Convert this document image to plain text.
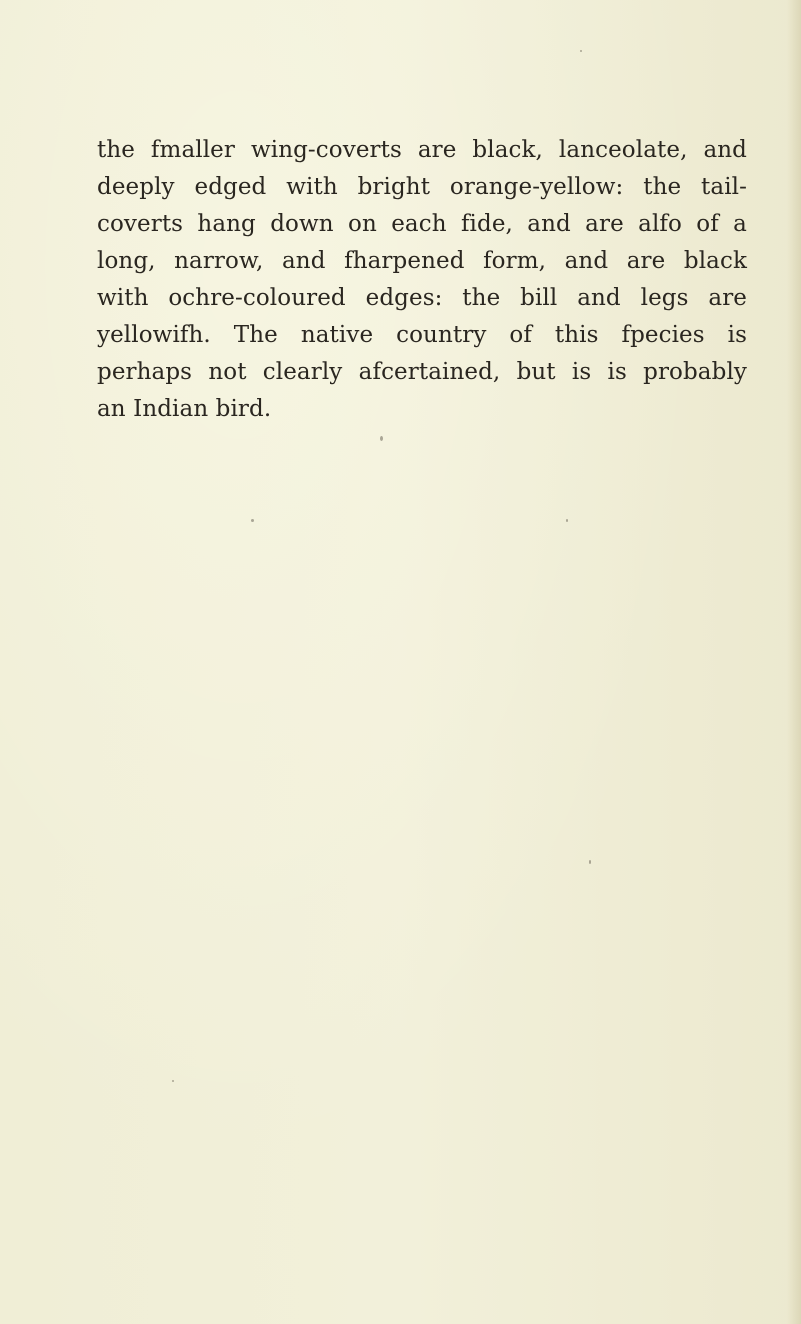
the fmaller wing-coverts are black, lanceolate, and
deeply edged with bright orange-yellow: the tail-
coverts hang down on each fide, and are alfo of a
long, narrow, and fharpened form, and are black
with ochre-coloured edges: the bill and legs are
yellowifh. The native country of this fpecies is
perhaps not clearly afcertained, but is is probably
an Indian bird.
